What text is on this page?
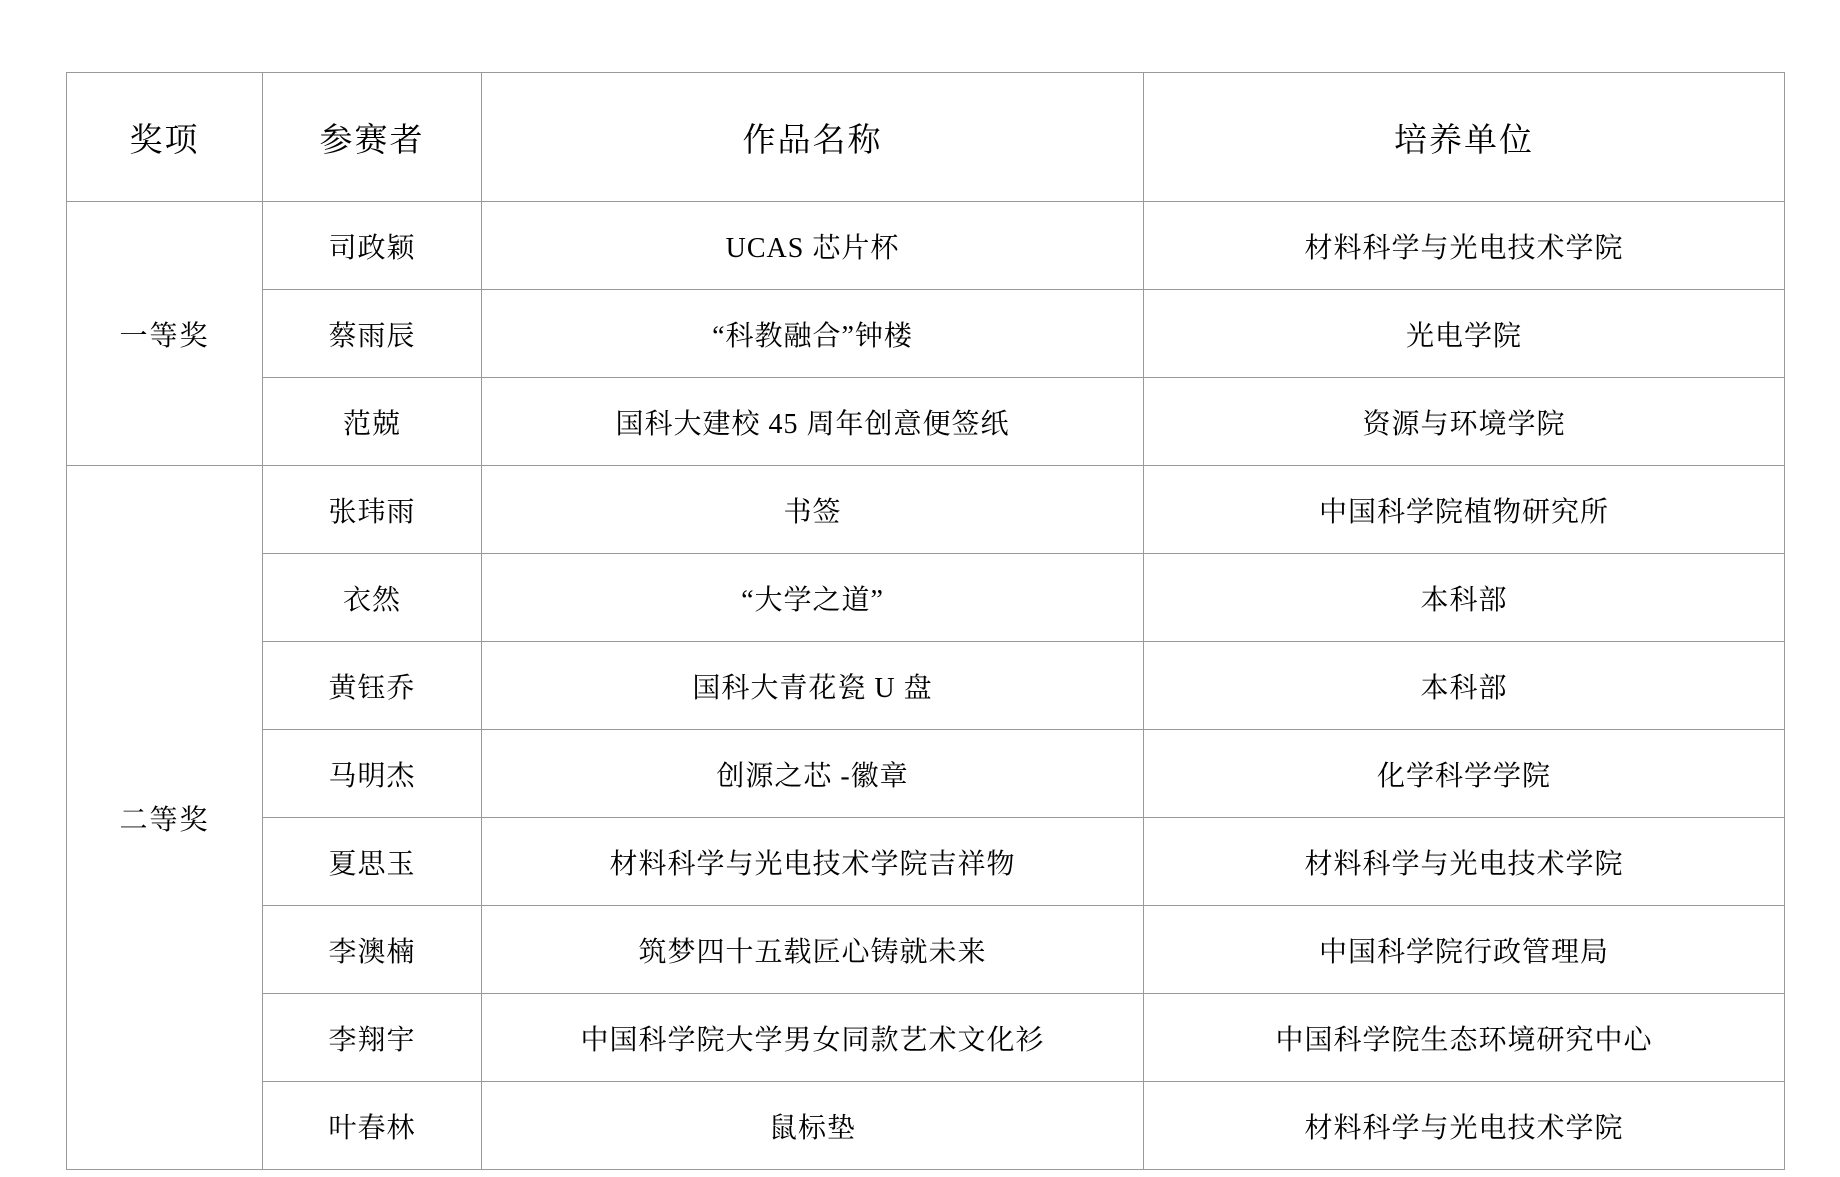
奖项	参赛者	作品名称	培养单位
一等奖	司政颖	UCAS 芯片杯	材料科学与光电技术学院
	蔡雨辰	“科教融合”钟楼	光电学院
	范兢	国科大建校 45 周年创意便签纸	资源与环境学院
二等奖	张玮雨	书签	中国科学院植物研究所
	衣然	“大学之道”	本科部
	黄钰乔	国科大青花瓷 U 盘	本科部
	马明杰	创源之芯 -徽章	化学科学学院
	夏思玉	材料科学与光电技术学院吉祥物	材料科学与光电技术学院
	李澳楠	筑梦四十五载匠心铸就未来	中国科学院行政管理局
	李翔宇	中国科学院大学男女同款艺术文化衫	中国科学院生态环境研究中心
	叶春林	鼠标垫	材料科学与光电技术学院
